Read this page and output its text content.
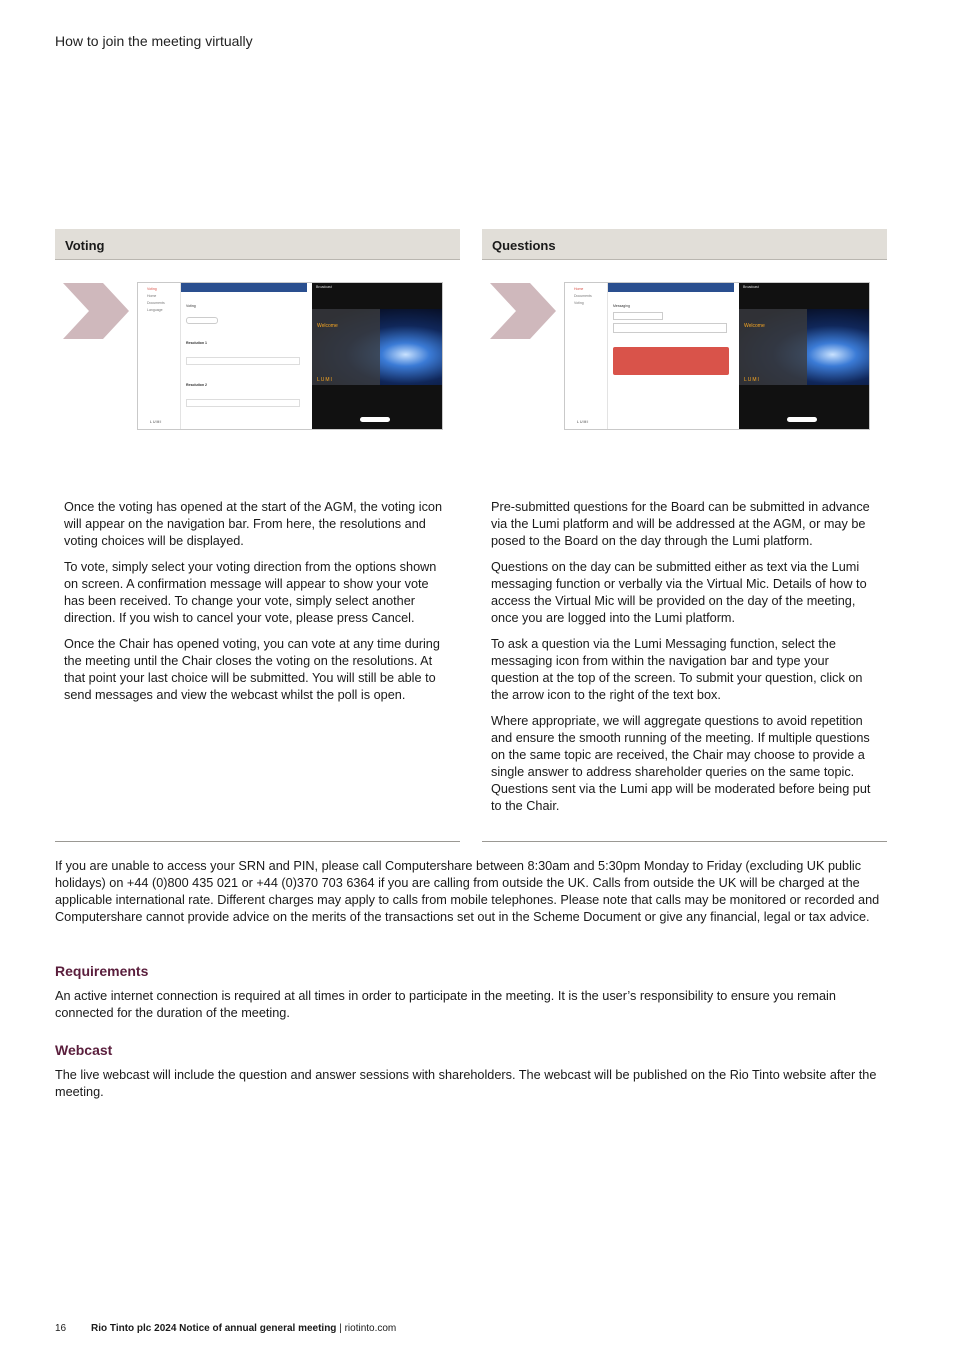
How to join the meeting virtually
Voting
Voting
Home
Documents
Language
LUMI
Voting
Resolution 1
Resolution 2
Broadcast
Welcome
LUMI

Once the voting has opened at the start of the AGM, the voting icon will appear on the navigation bar. From here, the resolutions and voting choices will be displayed.

To vote, simply select your voting direction from the options shown on screen. A confirmation message will appear to show your vote has been received. To change your vote, simply select another direction. If you wish to cancel your vote, please press Cancel.

Once the Chair has opened voting, you can vote at any time during the meeting until the Chair closes the voting on the resolutions. At that point your last choice will be submitted. You will still be able to send messages and view the webcast whilst the poll is open.

Questions
Home
Documents
Voting
LUMI
Messaging
Broadcast
Welcome
LUMI

Pre-submitted questions for the Board can be submitted in advance via the Lumi platform and will be addressed at the AGM, or may be posed to the Board on the day through the Lumi platform.

Questions on the day can be submitted either as text via the Lumi messaging function or verbally via the Virtual Mic. Details of how to access the Virtual Mic will be provided on the day of the meeting, once you are logged into the Lumi platform.

To ask a question via the Lumi Messaging function, select the messaging icon from within the navigation bar and type your question at the top of the screen. To submit your question, click on the arrow icon to the right of the text box.

Where appropriate, we will aggregate questions to avoid repetition and ensure the smooth running of the meeting. If multiple questions on the same topic are received, the Chair may choose to provide a single answer to address shareholder queries on the same topic. Questions sent via the Lumi app will be moderated before being put to the Chair.

If you are unable to access your SRN and PIN, please call Computershare between 8:30am and 5:30pm Monday to Friday (excluding UK public holidays) on +44 (0)800 435 021 or +44 (0)370 703 6364 if you are calling from outside the UK. Calls from outside the UK will be charged at the applicable international rate. Different charges may apply to calls from mobile telephones. Please note that calls may be monitored or recorded and Computershare cannot provide advice on the merits of the transactions set out in the Scheme Document or give any financial, legal or tax advice.

Requirements

An active internet connection is required at all times in order to participate in the meeting. It is the user’s responsibility to ensure you remain connected for the duration of the meeting.

Webcast

The live webcast will include the question and answer sessions with shareholders. The webcast will be published on the Rio Tinto website after the meeting.

16 Rio Tinto plc 2024 Notice of annual general meeting | riotinto.com
